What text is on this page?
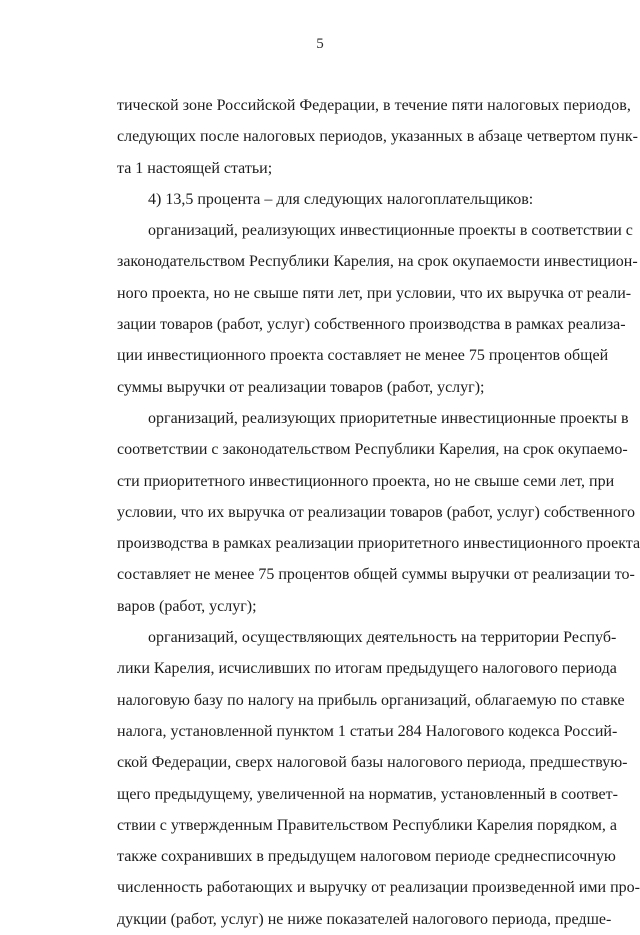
5
тической зоне Российской Федерации, в течение пяти налоговых периодов,
следующих после налоговых периодов, указанных в абзаце четвертом пунк-
та 1 настоящей статьи;
4) 13,5 процента – для следующих налогоплательщиков:
организаций, реализующих инвестиционные проекты в соответствии с
законодательством Республики Карелия, на срок окупаемости инвестицион-
ного проекта, но не свыше пяти лет, при условии, что их выручка от реали-
зации товаров (работ, услуг) собственного производства в рамках реализа-
ции инвестиционного проекта составляет не менее 75 процентов общей
суммы выручки от реализации товаров (работ, услуг);
организаций, реализующих приоритетные инвестиционные проекты в
соответствии с законодательством Республики Карелия, на срок окупаемо-
сти приоритетного инвестиционного проекта, но не свыше семи лет, при
условии, что их выручка от реализации товаров (работ, услуг) собственного
производства в рамках реализации приоритетного инвестиционного проекта
составляет не менее 75 процентов общей суммы выручки от реализации то-
варов (работ, услуг);
организаций, осуществляющих деятельность на территории Респуб-
лики Карелия, исчисливших по итогам предыдущего налогового периода
налоговую базу по налогу на прибыль организаций, облагаемую по ставке
налога, установленной пунктом 1 статьи 284 Налогового кодекса Россий-
ской Федерации, сверх налоговой базы налогового периода, предшествую-
щего предыдущему, увеличенной на норматив, установленный в соответ-
ствии с утвержденным Правительством Республики Карелия порядком, а
также сохранивших в предыдущем налоговом периоде среднесписочную
численность работающих и выручку от реализации произведенной ими про-
дукции (работ, услуг) не ниже показателей налогового периода, предше-
